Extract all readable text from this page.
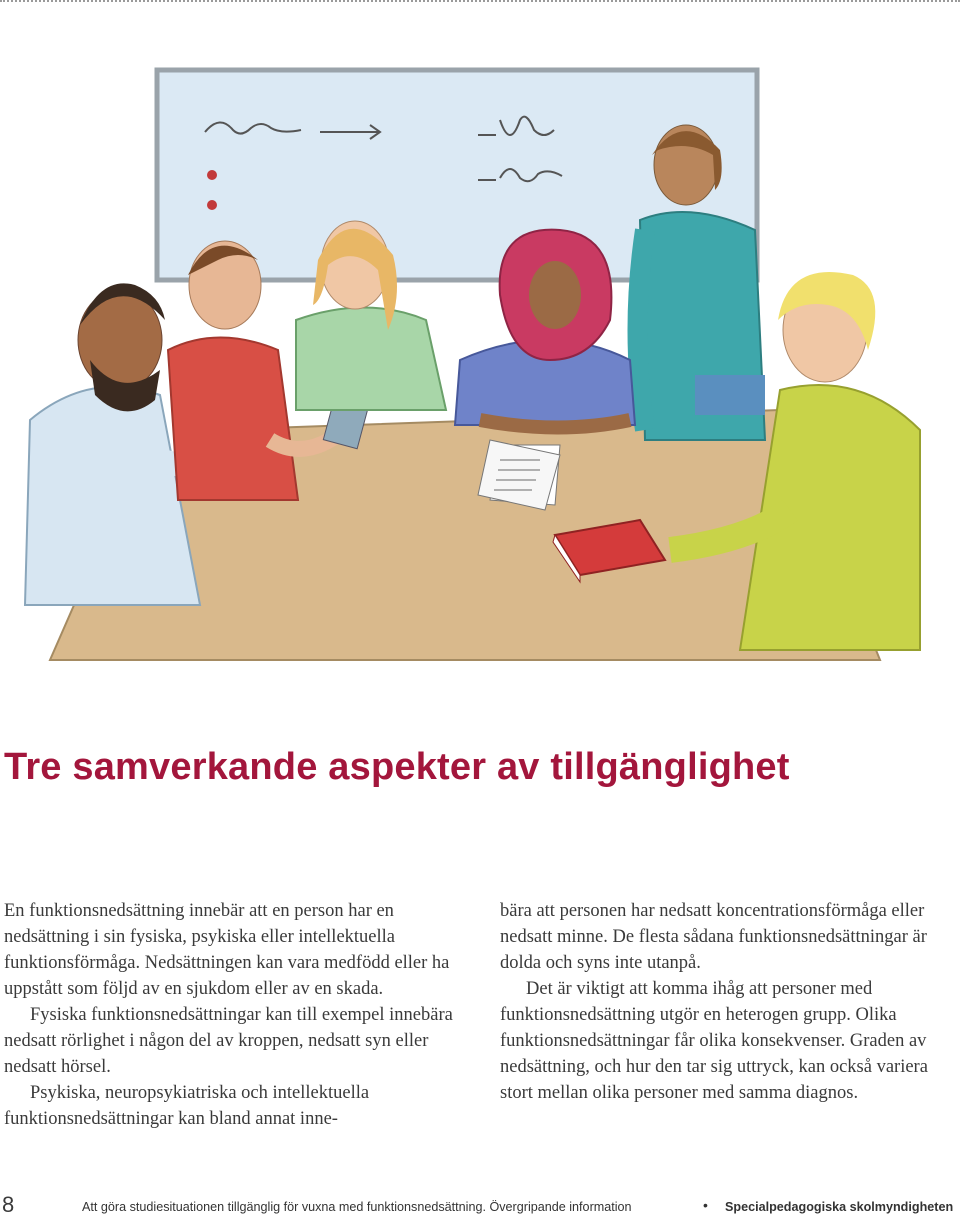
Tre samverkande aspekter av tillgänglighet

En funktionsnedsättning innebär att en person har en nedsättning i sin fysiska, psykiska eller intellektuella funktionsförmåga. Nedsättningen kan vara medfödd eller ha uppstått som följd av en sjukdom eller av en skada.

Fysiska funktionsnedsättningar kan till exempel innebära nedsatt rörlighet i någon del av kroppen, nedsatt syn eller nedsatt hörsel.

Psykiska, neuropsykiatriska och intellektuella funktionsnedsättningar kan bland annat inne-

bära att personen har nedsatt koncentrationsförmåga eller nedsatt minne. De flesta sådana funktionsnedsättningar är dolda och syns inte utanpå.

Det är viktigt att komma ihåg att personer med funktionsnedsättning utgör en heterogen grupp. Olika funktionsnedsättningar får olika konsekvenser. Graden av nedsättning, och hur den tar sig uttryck, kan också variera stort mellan olika personer med samma diagnos.

8	Att göra studiesituationen tillgänglig för vuxna med funktionsnedsättning. Övergripande information	• Specialpedagogiska skolmyndigheten
